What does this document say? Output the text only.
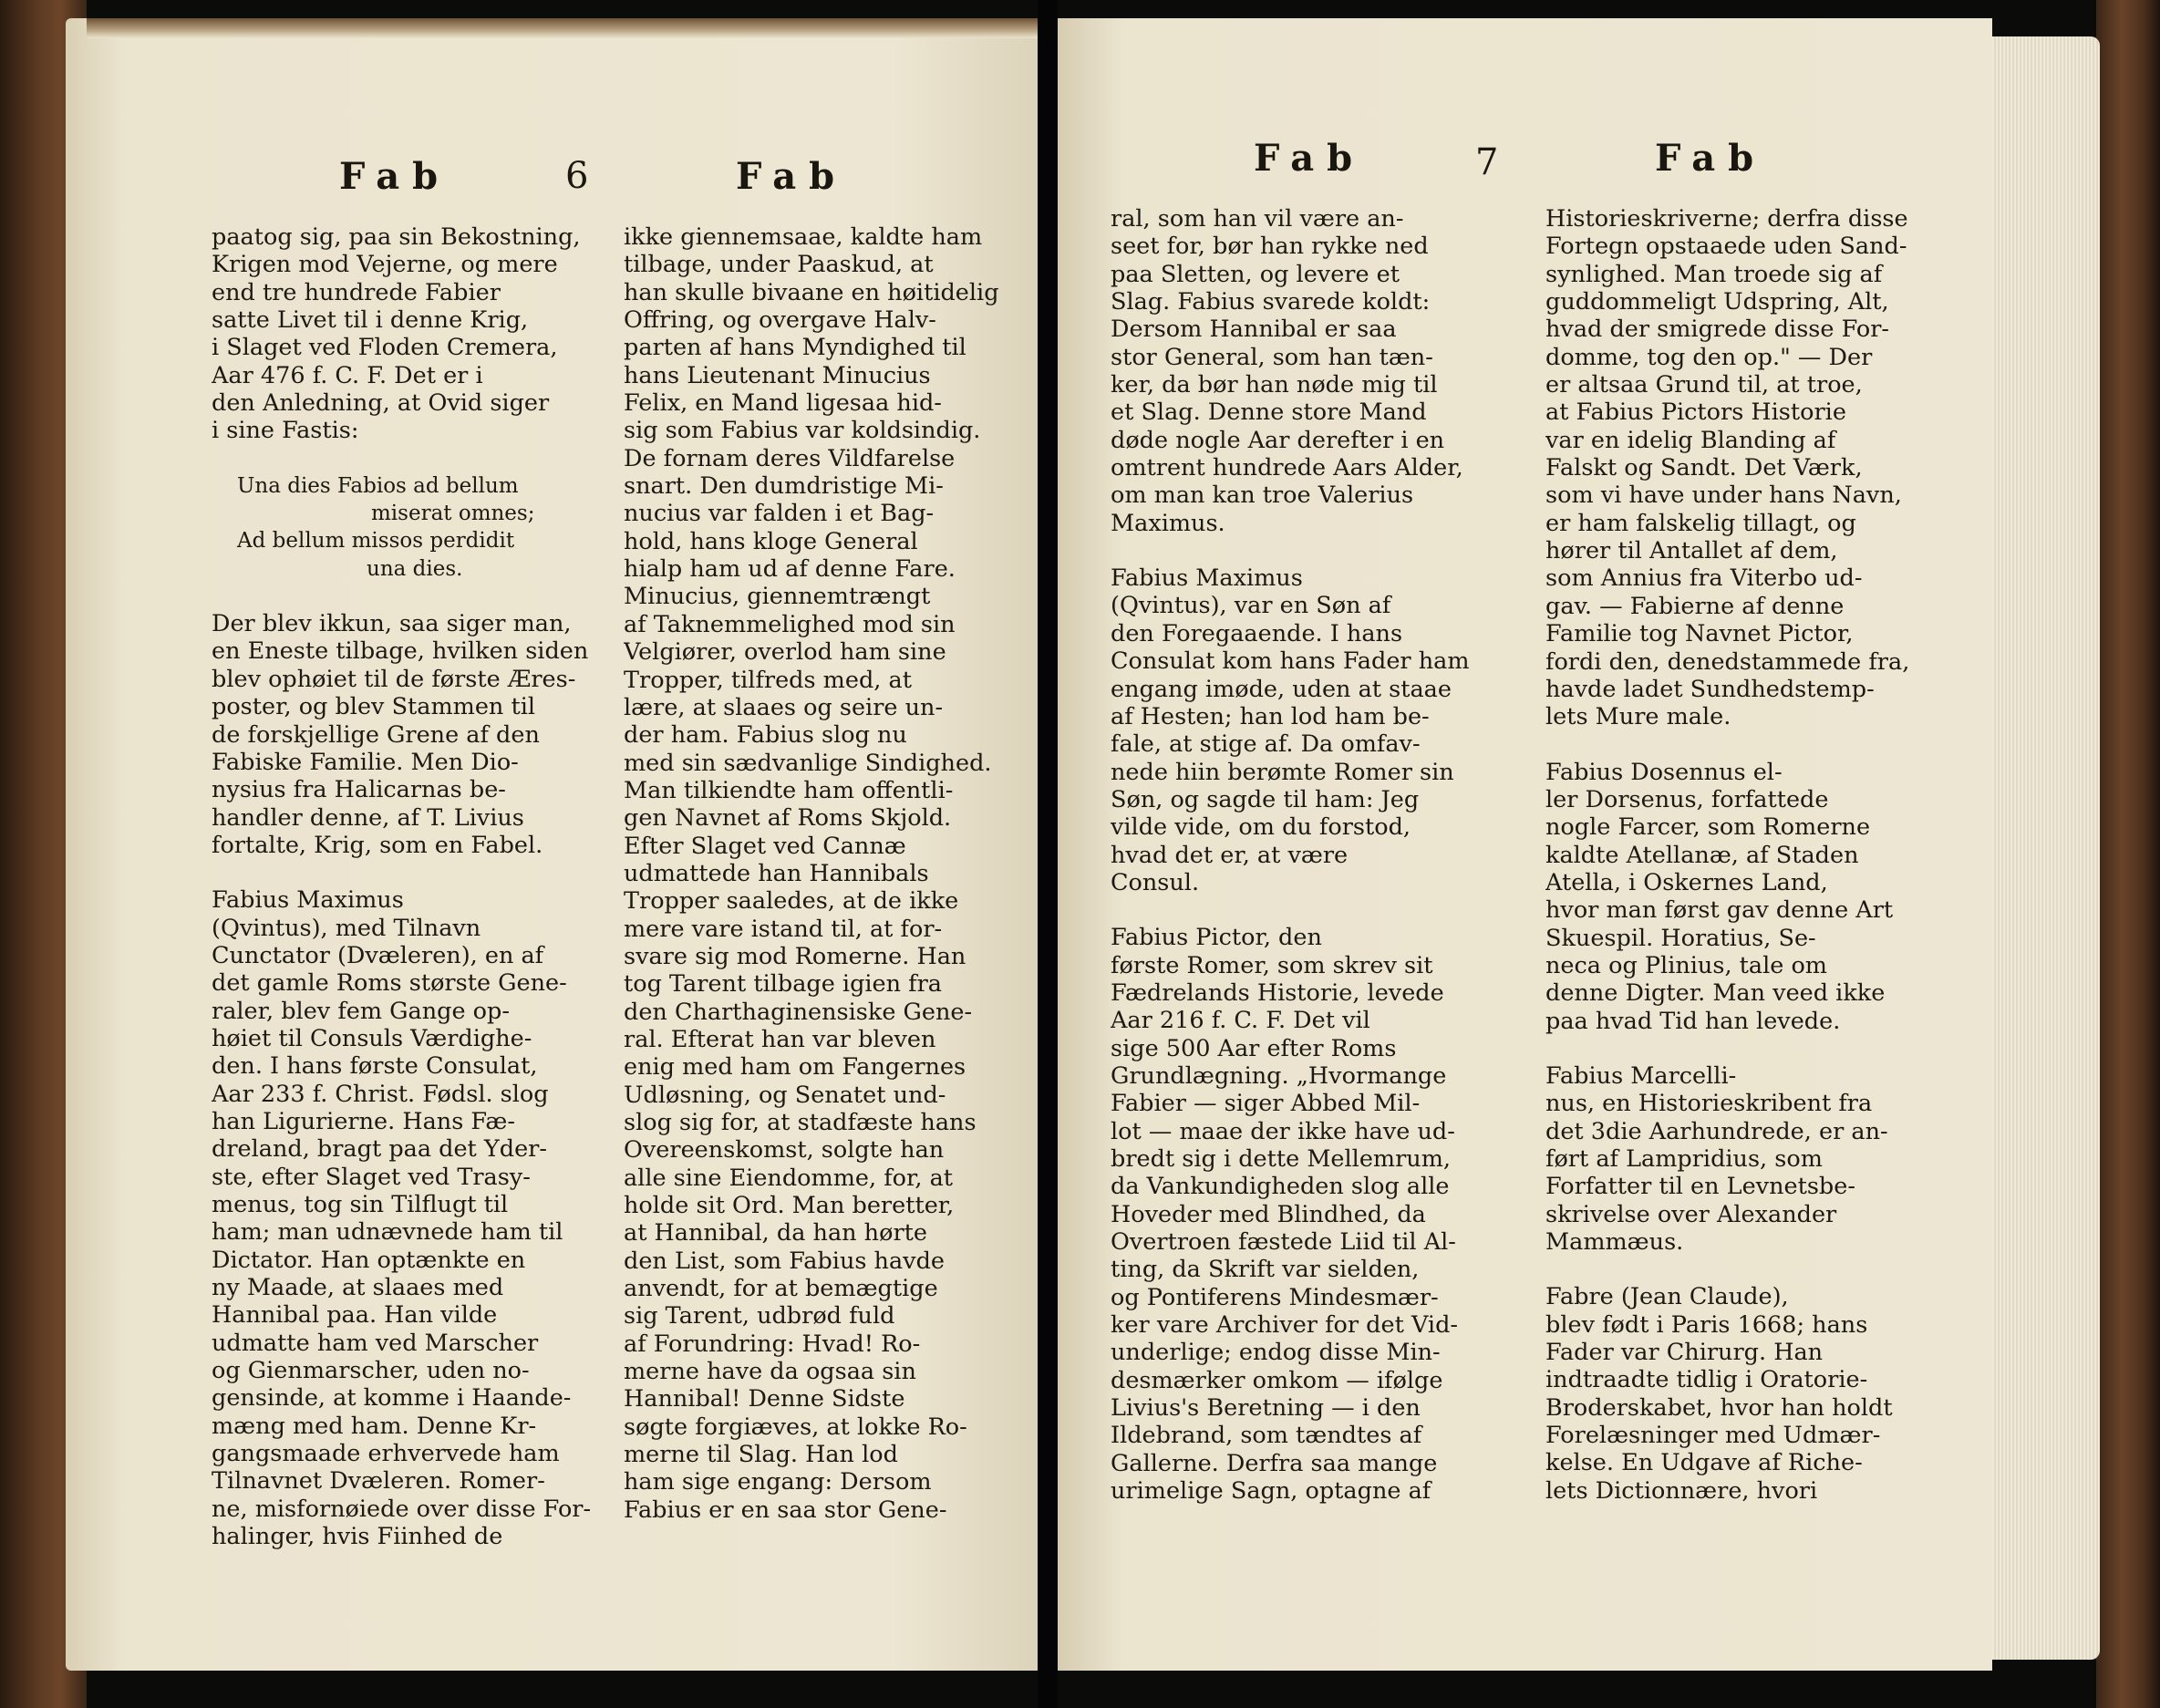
Fab	6	Fab
paatog sig, paa sin Bekostning,
Krigen mod Vejerne, og mere
end tre hundrede Fabier
satte Livet til i denne Krig,
i Slaget ved Floden Cremera,
Aar 476 f. C. F. Det er i
den Anledning, at Ovid siger
i sine Fastis:
Una dies Fabios ad bellum
miserat omnes;
Ad bellum missos perdidit
una dies.
Der blev ikkun, saa siger man,
en Eneste tilbage, hvilken siden
blev ophøiet til de første Æres-
poster, og blev Stammen til
de forskjellige Grene af den
Fabiske Familie. Men Dio-
nysius fra Halicarnas be-
handler denne, af T. Livius
fortalte, Krig, som en Fabel.
Fabius Maximus
(Qvintus), med Tilnavn
Cunctator (Dvæleren), en af
det gamle Roms største Gene-
raler, blev fem Gange op-
høiet til Consuls Værdighe-
den. I hans første Consulat,
Aar 233 f. Christ. Fødsl. slog
han Ligurierne. Hans Fæ-
dreland, bragt paa det Yder-
ste, efter Slaget ved Trasy-
menus, tog sin Tilflugt til
ham; man udnævnede ham til
Dictator. Han optænkte en
ny Maade, at slaaes med
Hannibal paa. Han vilde
udmatte ham ved Marscher
og Gienmarscher, uden no-
gensinde, at komme i Haande-
mæng med ham. Denne Kr-
gangsmaade erhvervede ham
Tilnavnet Dvæleren. Romer-
ne, misfornøiede over disse For-
halinger, hvis Fiinhed de
ikke giennemsaae, kaldte ham
tilbage, under Paaskud, at
han skulle bivaane en høitidelig
Offring, og overgave Halv-
parten af hans Myndighed til
hans Lieutenant Minucius
Felix, en Mand ligesaa hid-
sig som Fabius var koldsindig.
De fornam deres Vildfarelse
snart. Den dumdristige Mi-
nucius var falden i et Bag-
hold, hans kloge General
hialp ham ud af denne Fare.
Minucius, giennemtrængt
af Taknemmelighed mod sin
Velgiører, overlod ham sine
Tropper, tilfreds med, at
lære, at slaaes og seire un-
der ham. Fabius slog nu
med sin sædvanlige Sindighed.
Man tilkiendte ham offentli-
gen Navnet af Roms Skjold.
Efter Slaget ved Cannæ
udmattede han Hannibals
Tropper saaledes, at de ikke
mere vare istand til, at for-
svare sig mod Romerne. Han
tog Tarent tilbage igien fra
den Charthaginensiske Gene-
ral. Efterat han var bleven
enig med ham om Fangernes
Udløsning, og Senatet und-
slog sig for, at stadfæste hans
Overeenskomst, solgte han
alle sine Eiendomme, for, at
holde sit Ord. Man beretter,
at Hannibal, da han hørte
den List, som Fabius havde
anvendt, for at bemægtige
sig Tarent, udbrød fuld
af Forundring: Hvad! Ro-
merne have da ogsaa sin
Hannibal! Denne Sidste
søgte forgiæves, at lokke Ro-
merne til Slag. Han lod
ham sige engang: Dersom
Fabius er en saa stor Gene-
Fab	7	Fab
ral, som han vil være an-
seet for, bør han rykke ned
paa Sletten, og levere et
Slag. Fabius svarede koldt:
Dersom Hannibal er saa
stor General, som han tæn-
ker, da bør han nøde mig til
et Slag. Denne store Mand
døde nogle Aar derefter i en
omtrent hundrede Aars Alder,
om man kan troe Valerius
Maximus.
Fabius Maximus
(Qvintus), var en Søn af
den Foregaaende. I hans
Consulat kom hans Fader ham
engang imøde, uden at staae
af Hesten; han lod ham be-
fale, at stige af. Da omfav-
nede hiin berømte Romer sin
Søn, og sagde til ham: Jeg
vilde vide, om du forstod,
hvad det er, at være
Consul.
Fabius Pictor, den
første Romer, som skrev sit
Fædrelands Historie, levede
Aar 216 f. C. F. Det vil
sige 500 Aar efter Roms
Grundlægning. „Hvormange
Fabier — siger Abbed Mil-
lot — maae der ikke have ud-
bredt sig i dette Mellemrum,
da Vankundigheden slog alle
Hoveder med Blindhed, da
Overtroen fæstede Liid til Al-
ting, da Skrift var sielden,
og Pontiferens Mindesmær-
ker vare Archiver for det Vid-
underlige; endog disse Min-
desmærker omkom — ifølge
Livius's Beretning — i den
Ildebrand, som tændtes af
Gallerne. Derfra saa mange
urimelige Sagn, optagne af
Historieskriverne; derfra disse
Fortegn opstaaede uden Sand-
synlighed. Man troede sig af
guddommeligt Udspring, Alt,
hvad der smigrede disse For-
domme, tog den op." — Der
er altsaa Grund til, at troe,
at Fabius Pictors Historie
var en idelig Blanding af
Falskt og Sandt. Det Værk,
som vi have under hans Navn,
er ham falskelig tillagt, og
hører til Antallet af dem,
som Annius fra Viterbo ud-
gav. — Fabierne af denne
Familie tog Navnet Pictor,
fordi den, denedstammede fra,
havde ladet Sundhedstemp-
lets Mure male.
Fabius Dosennus el-
ler Dorsenus, forfattede
nogle Farcer, som Romerne
kaldte Atellanæ, af Staden
Atella, i Oskernes Land,
hvor man først gav denne Art
Skuespil. Horatius, Se-
neca og Plinius, tale om
denne Digter. Man veed ikke
paa hvad Tid han levede.
Fabius Marcelli-
nus, en Historieskribent fra
det 3die Aarhundrede, er an-
ført af Lampridius, som
Forfatter til en Levnetsbe-
skrivelse over Alexander
Mammæus.
Fabre (Jean Claude),
blev født i Paris 1668; hans
Fader var Chirurg. Han
indtraadte tidlig i Oratorie-
Broderskabet, hvor han holdt
Forelæsninger med Udmær-
kelse. En Udgave af Riche-
lets Dictionnære, hvori
